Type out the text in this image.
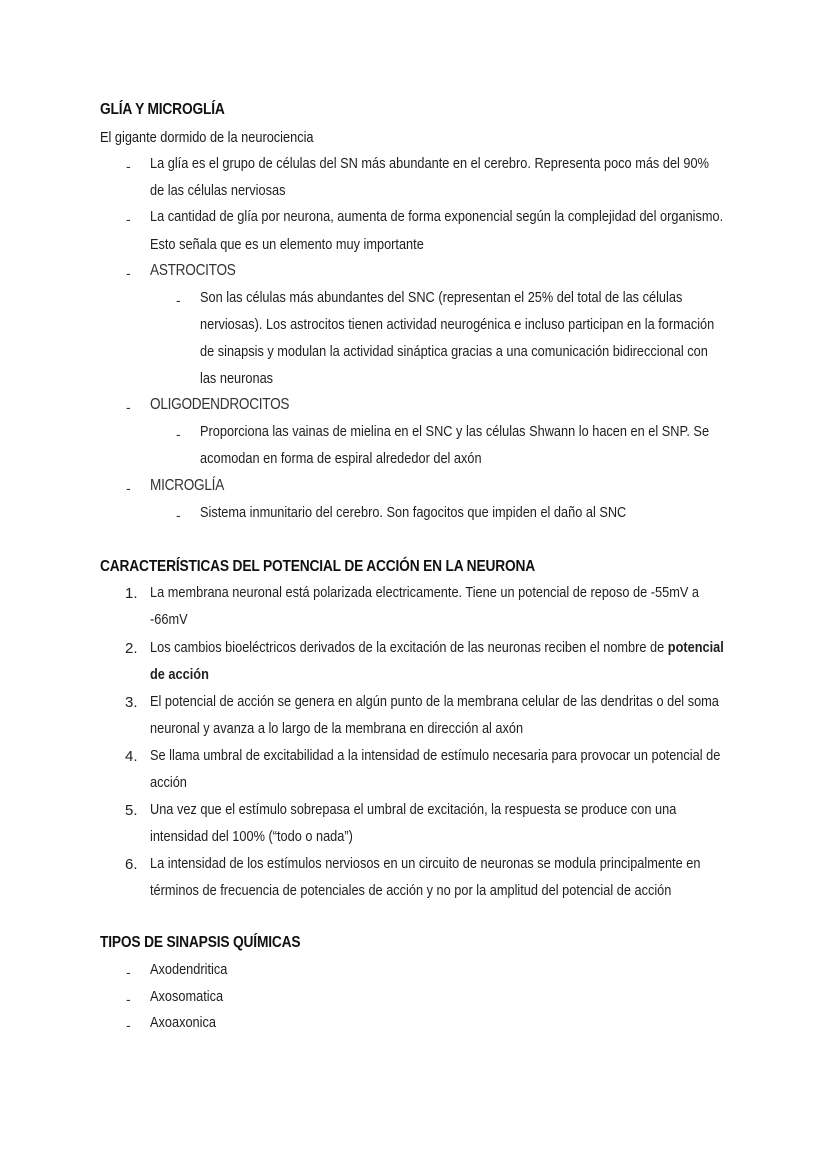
GLÍA Y MICROGLÍA
El gigante dormido de la neurociencia
- La glía es el grupo de células del SN más abundante en el cerebro. Representa poco más del 90%
de las células nerviosas
- La cantidad de glía por neurona, aumenta de forma exponencial según la complejidad del organismo.
Esto señala que es un elemento muy importante
- ASTROCITOS
- Son las células más abundantes del SNC (representan el 25% del total de las células
nerviosas). Los astrocitos tienen actividad neurogénica e incluso participan en la formación
de sinapsis y modulan la actividad sináptica gracias a una comunicación bidireccional con
las neuronas
- OLIGODENDROCITOS
- Proporciona las vainas de mielina en el SNC y las células Shwann lo hacen en el SNP. Se
acomodan en forma de espiral alrededor del axón
- MICROGLÍA
- Sistema inmunitario del cerebro. Son fagocitos que impiden el daño al SNC
CARACTERÍSTICAS DEL POTENCIAL DE ACCIÓN EN LA NEURONA
1. La membrana neuronal está polarizada electricamente. Tiene un potencial de reposo de -55mV a
-66mV
2. Los cambios bioeléctricos derivados de la excitación de las neuronas reciben el nombre de potencial
de acción
3. El potencial de acción se genera en algún punto de la membrana celular de las dendritas o del soma
neuronal y avanza a lo largo de la membrana en dirección al axón
4. Se llama umbral de excitabilidad a la intensidad de estímulo necesaria para provocar un potencial de
acción
5. Una vez que el estímulo sobrepasa el umbral de excitación, la respuesta se produce con una
intensidad del 100% (“todo o nada”)
6. La intensidad de los estímulos nerviosos en un circuito de neuronas se modula principalmente en
términos de frecuencia de potenciales de acción y no por la amplitud del potencial de acción
TIPOS DE SINAPSIS QUÍMICAS
- Axodendritica
- Axosomatica
- Axoaxonica
